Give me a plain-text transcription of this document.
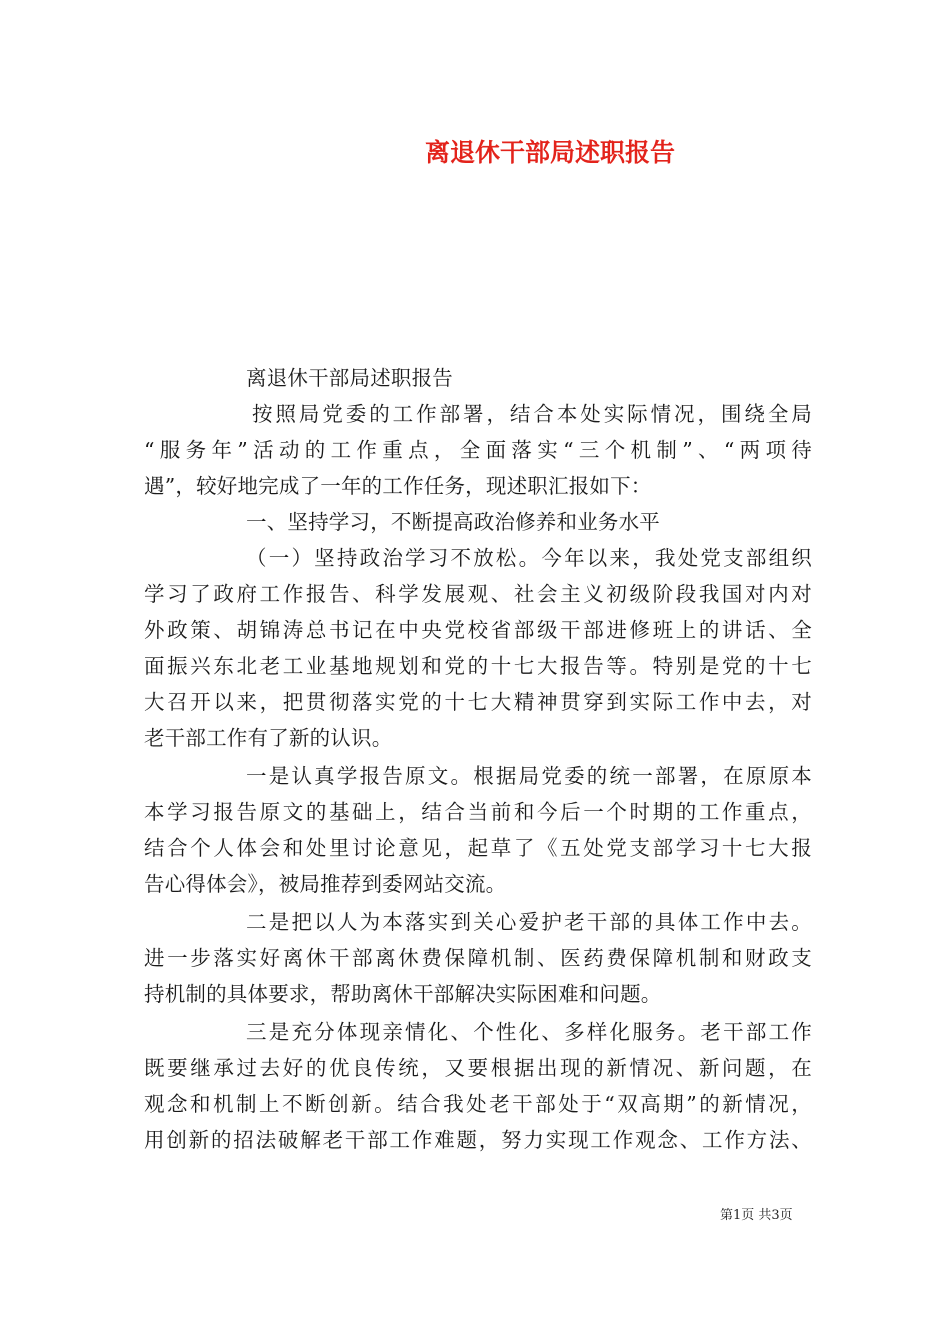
离退休干部局述职报告
离退休干部局述职报告
按照局党委的工作部署，结合本处实际情况，围绕全局
“服务年”活动的工作重点，全面落实“三个机制”、“两项待
遇”，较好地完成了一年的工作任务，现述职汇报如下：
一、坚持学习，不断提高政治修养和业务水平
（一）坚持政治学习不放松。今年以来，我处党支部组织
学习了政府工作报告、科学发展观、社会主义初级阶段我国对内对
外政策、胡锦涛总书记在中央党校省部级干部进修班上的讲话、全
面振兴东北老工业基地规划和党的十七大报告等。特别是党的十七
大召开以来，把贯彻落实党的十七大精神贯穿到实际工作中去，对
老干部工作有了新的认识。
一是认真学报告原文。根据局党委的统一部署，在原原本
本学习报告原文的基础上，结合当前和今后一个时期的工作重点，
结合个人体会和处里讨论意见，起草了《五处党支部学习十七大报
告心得体会》，被局推荐到委网站交流。
二是把以人为本落实到关心爱护老干部的具体工作中去。
进一步落实好离休干部离休费保障机制、医药费保障机制和财政支
持机制的具体要求，帮助离休干部解决实际困难和问题。
三是充分体现亲情化、个性化、多样化服务。老干部工作
既要继承过去好的优良传统，又要根据出现的新情况、新问题，在
观念和机制上不断创新。结合我处老干部处于“双高期”的新情况，
用创新的招法破解老干部工作难题，努力实现工作观念、工作方法、
第1页 共3页
